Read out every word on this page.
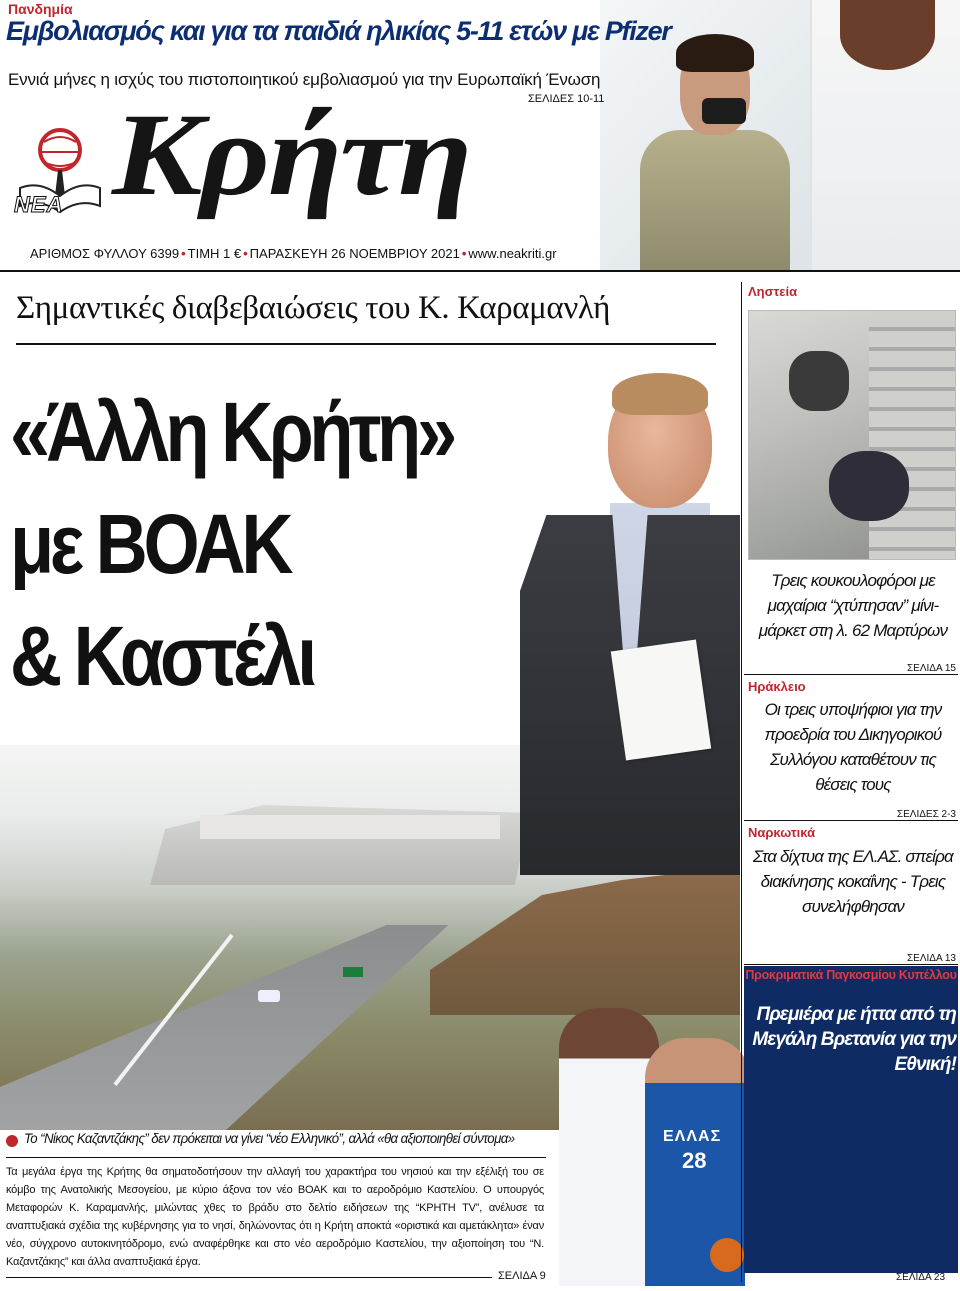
Πανδημία
Εμβολιασμός και για τα παιδιά ηλικίας 5-11 ετών με Pfizer
Εννιά μήνες η ισχύς του πιστοποιητικού εμβολιασμού για την Ευρωπαϊκή Ένωση
ΣΕΛΙΔΕΣ 10-11
ΝΕΑ Κρήτη
ΑΡΙΘΜΟΣ ΦΥΛΛΟΥ 6399 • ΤΙΜΗ 1 € • ΠΑΡΑΣΚΕΥΗ 26 ΝΟΕΜΒΡΙΟΥ 2021 • www.neakriti.gr
Σημαντικές διαβεβαιώσεις του Κ. Καραμανλή
«Άλλη Κρήτη»
με ΒΟΑΚ
& Καστέλι
ΕΛΛΑΣ
28
Το “Νίκος Καζαντζάκης” δεν πρόκειται να γίνει “νέο Ελληνικό”, αλλά «θα αξιοποιηθεί σύντομα»

Τα μεγάλα έργα της Κρήτης θα σηματοδοτήσουν την αλλαγή του χαρακτήρα του νησιού και την εξέλιξή του σε κόμβο της Ανατολικής Μεσογείου, με κύριο άξονα τον νέο ΒΟΑΚ και το αεροδρόμιο Καστελίου. Ο υπουργός Μεταφορών Κ. Καραμανλής, μιλώντας χθες το βράδυ στο δελτίο ειδήσεων της “ΚΡΗΤΗ TV”, ανέλυσε τα αναπτυξιακά σχέδια της κυβέρνησης για το νησί, δηλώνοντας ότι η Κρήτη αποκτά «οριστικά και αμετάκλητα» έναν νέο, σύγχρονο αυτοκινητόδρομο, ενώ αναφέρθηκε και στο νέο αεροδρόμιο Καστελίου, την αξιοποίηση του “Ν. Καζαντζάκης” και άλλα αναπτυξιακά έργα.

ΣΕΛΙΔΑ 9
Ληστεία
Τρεις κουκουλοφόροι με μαχαίρια “χτύπησαν” μίνι-μάρκετ στη λ. 62 Μαρτύρων
ΣΕΛΙΔΑ 15
Ηράκλειο
Οι τρεις υποψήφιοι για την προεδρία του Δικηγορικού Συλλόγου καταθέτουν τις θέσεις τους
ΣΕΛΙΔΕΣ 2-3
Ναρκωτικά
Στα δίχτυα της ΕΛ.ΑΣ. σπείρα διακίνησης κοκαΐνης - Τρεις συνελήφθησαν
ΣΕΛΙΔΑ 13
Προκριματικά Παγκοσμίου Κυπέλλου
Πρεμιέρα με ήττα από τη Μεγάλη Βρετανία για την Εθνική!
ΣΕΛΙΔΑ 23
